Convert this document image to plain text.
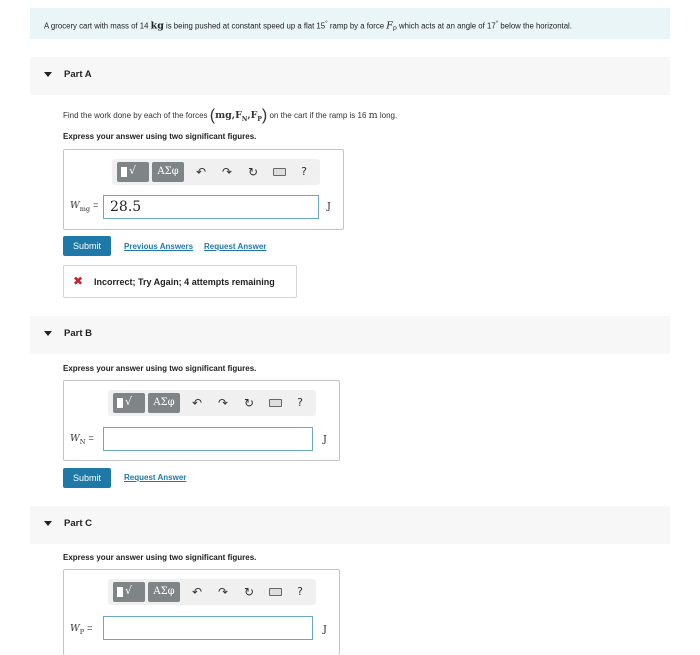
A grocery cart with mass of 14 kg is being pushed at constant speed up a flat 15° ramp by a force $F_P$ which acts at an angle of 17° below the horizontal.
Part A
Find the work done by each of the forces $(mg,F_N,F_P)$ on the cart if the ramp is 16 m long.
Express your answer using two significant figures.
√	ΑΣφ	↶	↷	↻	?
$W_{mg} = 28.5$	J
Submit	Previous Answers Request Answer
✖ Incorrect; Try Again; 4 attempts remaining
Part B
Express your answer using two significant figures.
√	ΑΣφ	↶	↷	↻	?
$W_N$ =	J
Submit	Request Answer
Part C
Express your answer using two significant figures.
√	ΑΣφ	↶	↷	↻	?
$W_P$ =	J
